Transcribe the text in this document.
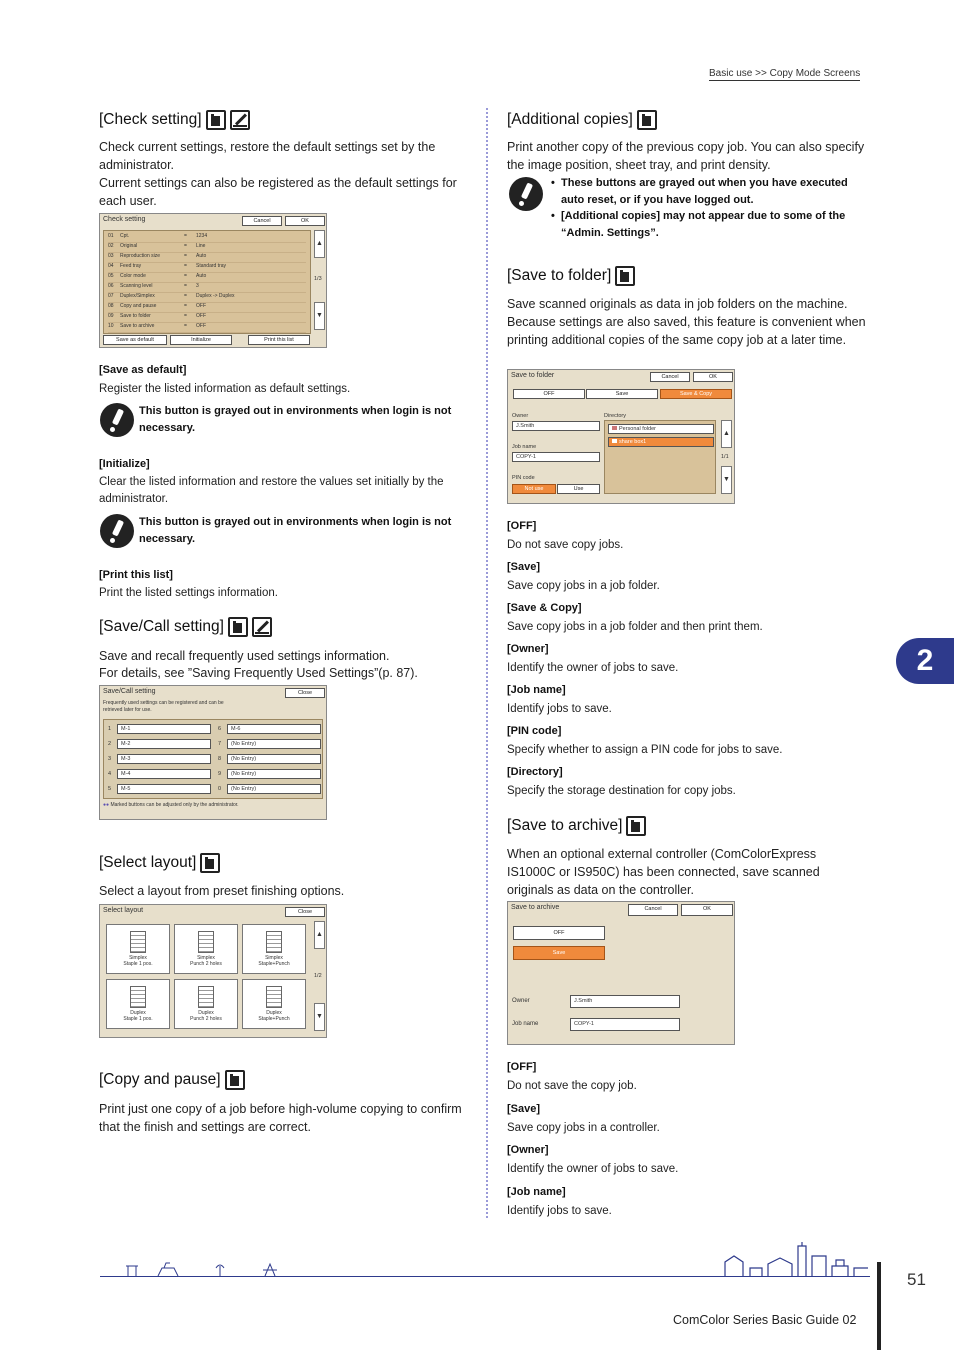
Basic use >> Copy Mode Screens
2
[Check setting]

Check current settings, restore the default settings set by the administrator.

Current settings can also be registered as the default settings for each user.

Check setting	Cancel	OK
01	Cpt.	=	1234
02	Original	=	Line
03	Reproduction size	=	Auto
04	Feed tray	=	Standard tray
05	Color mode	=	Auto
06	Scanning level	=	3
07	Duplex/Simplex	=	Duplex -> Duplex
08	Copy and pause	=	OFF
09	Save to folder	=	OFF
10	Save to archive	=	OFF
▲
1/3
▼
Save as default	Initialize	Print this list
[Save as default]
Register the listed information as default settings.
This button is grayed out in environments when login is not necessary.
[Initialize]
Clear the listed information and restore the values set initially by the administrator.
This button is grayed out in environments when login is not necessary.
[Print this list]
Print the listed settings information.
[Save/Call setting]

Save and recall frequently used settings information.

For details, see ”Saving Frequently Used Settings”(p. 87).

Save/Call setting	Close
Frequently used settings can be registered and can be retrieved later for use.
1	M-1
2	M-2
3	M-3
4	M-4
5	M-5
6	M-6
7	(No Entry)
8	(No Entry)
9	(No Entry)
0	(No Entry)
●● Marked buttons can be adjusted only by the administrator.
[Select layout]

Select a layout from preset finishing options.

Select layout	Close
▲
1/2
▼
Simplex
Staple 1 pos.
Simplex
Punch 2 holes
Simplex
Staple+Punch
Duplex
Staple 1 pos.
Duplex
Punch 2 holes
Duplex
Staple+Punch
[Copy and pause]

Print just one copy of a job before high-volume copying to confirm that the finish and settings are correct.

[Additional copies]

Print another copy of the previous copy job. You can also specify the image position, sheet tray, and print density.

• These buttons are grayed out when you have executed auto reset, or if you have logged out.
• [Additional copies] may not appear due to some of the “Admin. Settings”.
[Save to folder]

Save scanned originals as data in job folders on the machine. Because settings are also saved, this feature is convenient when printing additional copies of the same copy job at a later time.

Save to folder	Cancel	OK
OFF	Save	Save & Copy
Owner
J.Smith
Job name
COPY-1
PIN code
Not use	Use
Directory
Personal folder
share box1
▲
1/1
▼
[OFF]
Do not save copy jobs.
[Save]
Save copy jobs in a job folder.
[Save & Copy]
Save copy jobs in a job folder and then print them.
[Owner]
Identify the owner of jobs to save.
[Job name]
Identify jobs to save.
[PIN code]
Specify whether to assign a PIN code for jobs to save.
[Directory]
Specify the storage destination for copy jobs.
[Save to archive]

When an optional external controller (ComColorExpress IS1000C or IS950C) has been connected, save scanned originals as data on the controller.

Save to archive	Cancel	OK
OFF
Save
Owner	J.Smith
Job name	COPY-1
[OFF]
Do not save the copy job.
[Save]
Save copy jobs in a controller.
[Owner]
Identify the owner of jobs to save.
[Job name]
Identify jobs to save.
51
ComColor Series Basic Guide 02
